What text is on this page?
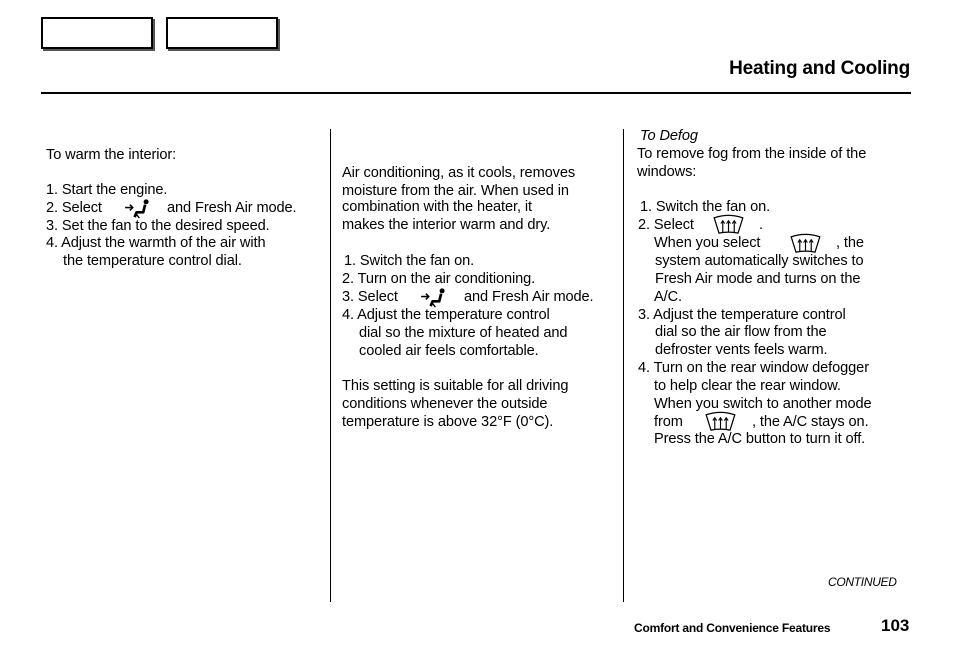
Heating and Cooling
To warm the interior:
1. Start the engine.
2. Select	and Fresh Air mode.
3. Set the fan to the desired speed.
4. Adjust the warmth of the air with
the temperature control dial.
Air conditioning, as it cools, removes
moisture from the air. When used in
combination with the heater, it
makes the interior warm and dry.
1. Switch the fan on.
2. Turn on the air conditioning.
3. Select	and Fresh Air mode.
4. Adjust the temperature control
dial so the mixture of heated and
cooled air feels comfortable.
This setting is suitable for all driving
conditions whenever the outside
temperature is above 32°F (0°C).
To Defog
To remove fog from the inside of the
windows:
1. Switch the fan on.
2. Select	.
When you select	, the
system automatically switches to
Fresh Air mode and turns on the
A/C.
3. Adjust the temperature control
dial so the air flow from the
defroster vents feels warm.
4. Turn on the rear window defogger
to help clear the rear window.
When you switch to another mode
from	, the A/C stays on.
Press the A/C button to turn it off.
CONTINUED
Comfort and Convenience Features	103
